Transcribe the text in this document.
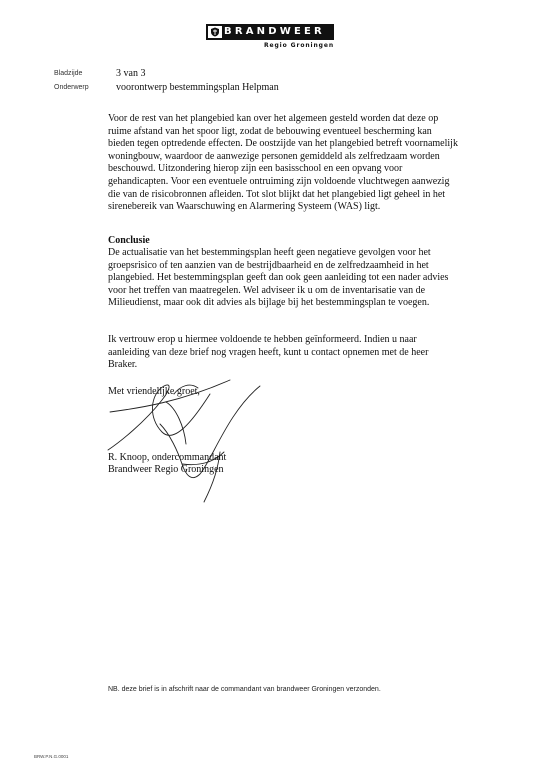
BRANDWEER
Regio Groningen
Bladzijde	3 van 3
Onderwerp	voorontwerp bestemmingsplan Helpman

Voor de rest van het plangebied kan over het algemeen gesteld worden dat deze op ruime afstand van het spoor ligt, zodat de bebouwing eventueel bescherming kan bieden tegen optredende effecten. De oostzijde van het plangebied betreft voornamelijk woningbouw, waardoor de aanwezige personen gemiddeld als zelfredzaam worden beschouwd. Uitzondering hierop zijn een basisschool en een opvang voor gehandicapten. Voor een eventuele ontruiming zijn voldoende vluchtwegen aanwezig die van de risicobronnen afleiden. Tot slot blijkt dat het plangebied ligt geheel in het sirenebereik van Waarschuwing en Alarmering Systeem (WAS) ligt.

Conclusie

De actualisatie van het bestemmingsplan heeft geen negatieve gevolgen voor het groepsrisico of ten aanzien van de bestrijdbaarheid en de zelfredzaamheid in het plangebied. Het bestemmingsplan geeft dan ook geen aanleiding tot een nader advies voor het treffen van maatregelen. Wel adviseer ik u om de inventarisatie van de Milieudienst, maar ook dit advies als bijlage bij het bestemmingsplan te voegen.

Ik vertrouw erop u hiermee voldoende te hebben geïnformeerd. Indien u naar aanleiding van deze brief nog vragen heeft, kunt u contact opnemen met de heer Braker.

Met vriendelijke groet,
R. Knoop, ondercommandant
Brandweer Regio Groningen
NB. deze brief is in afschrift naar de commandant van brandweer Groningen verzonden.
BRW.P.N.G.0001
